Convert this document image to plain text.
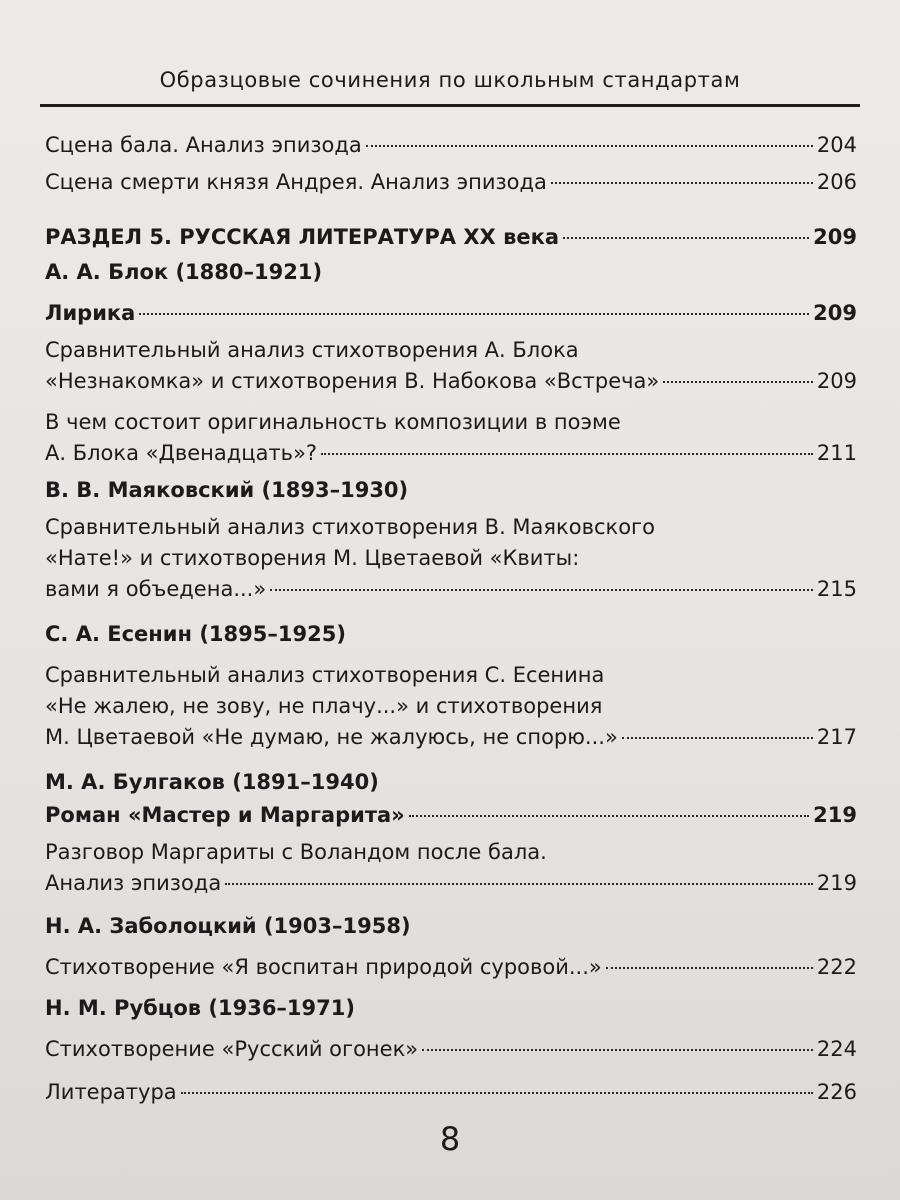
Образцовые сочинения по школьным стандартам
Сцена бала. Анализ эпизода	204
Сцена смерти князя Андрея. Анализ эпизода	206
РАЗДЕЛ 5. РУССКАЯ ЛИТЕРАТУРА XX века	209
А. А. Блок (1880–1921)
Лирика	209
Сравнительный анализ стихотворения А. Блока
«Незнакомка» и стихотворения В. Набокова «Встреча»	209
В чем состоит оригинальность композиции в поэме
А. Блока «Двенадцать»?	211
В. В. Маяковский (1893–1930)
Сравнительный анализ стихотворения В. Маяковского
«Нате!» и стихотворения М. Цветаевой «Квиты:
вами я объедена...»	215
С. А. Есенин (1895–1925)
Сравнительный анализ стихотворения С. Есенина
«Не жалею, не зову, не плачу...» и стихотворения
М. Цветаевой «Не думаю, не жалуюсь, не спорю...»	217
М. А. Булгаков (1891–1940)
Роман «Мастер и Маргарита»	219
Разговор Маргариты с Воландом после бала.
Анализ эпизода	219
Н. А. Заболоцкий (1903–1958)
Стихотворение «Я воспитан природой суровой...»	222
Н. М. Рубцов (1936–1971)
Стихотворение «Русский огонек»	224
Литература	226
8
